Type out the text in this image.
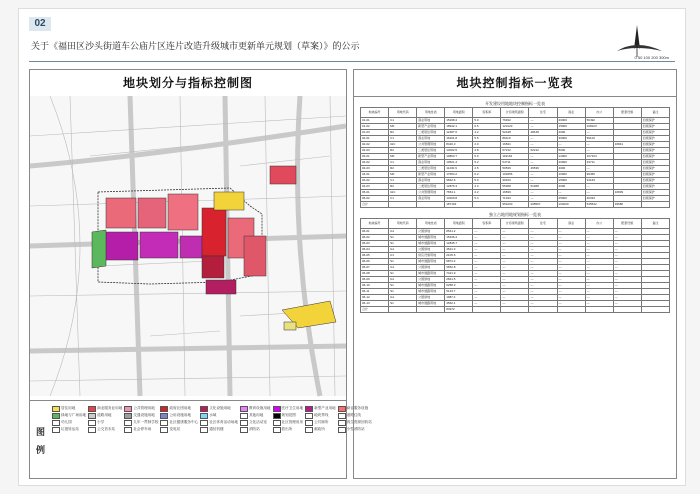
02
关于《福田区沙头街道车公庙片区连片改造升级城市更新单元规划（草案）》的公示
0 50 100 200 300m
地块划分与指标控制图
图例
居住用地	商业服务业用地	公共管理用地	政府社团用地	文化设施用地	教育设施用地	医疗卫生用地	新型产业用地	商业服务设施
绿地与广场用地	道路用地	交通设施用地	公用设施用地	水域	其他用地	规划范围	地块界线	道路红线
幼儿园	小学	九年一贯制学校	社区健康服务中心	社区体育活动场地	文化活动室	社区管理用房	公共厕所	再生资源回收站
垃圾转运站	公交首末站	社会停车场	变电站	通信机楼	消防站	派出所	邮政所	小型消防站
地块控制指标一览表
开发建设用地地块控制指标一览表
地块编号	用地代码	用地性质	用地面积	容积率	计容建筑面积	住宅	商业	办公	配套设施	备注
01-01	C1	商业用地	15298.4	5.0	76492	—	20000	56492		四级保护
01-02	M0	新型产业用地	18942.1	6.5	123123	—	15000	108123		四级保护
01-03	R2	二类居住用地	12487.6	4.2	52448	48448	4000	—		四级保护
02-01	C1	商业用地	16201.8	5.5	89110	—	30000	59110		四级保护
02-02	GIC	公共管理用地	8420.3	2.0	16841	—	—	—	16841	四级保护
02-03	R2	二类居住用地	14002.5	4.8	67212	62212	5000	—		四级保护
03-01	M0	新型产业用地	19860.7	6.0	119164	—	12000	107164		四级保护
03-02	C1	商业用地	10521.4	5.2	54711	—	20000	34711		四级保护
03-03	R2	二类居住用地	11230.9	4.5	50539	46539	4000	—		四级保护
04-01	M0	新型产业用地	17654.2	6.2	109456	—	10000	99456		四级保护
04-02	C1	商业用地	9832.6	5.0	49163	—	15000	34163		四级保护
04-03	R2	二类居住用地	12876.3	4.3	55368	51368	4000	—		四级保护
05-01	GIC	公共管理用地	7654.1	2.2	16839	—	—	—	16839	四级保护
05-02	C1	商业用地	13209.8	5.4	71333	—	25000	46333		四级保护
合计			187193		951000	208567	164000	545542	33680	
独立占地用地规划指标一览表
地块编号	用地代码	用地性质	用地面积	容积率	计容建筑面积	住宅	商业	办公	配套设施	备注
06-01	G1	公园绿地	8541.2	—	—	—	—	—	—	
06-02	S1	城市道路用地	15236.4	—	—	—	—	—	—	
06-03	S1	城市道路用地	12845.7	—	—	—	—	—	—	
06-04	G1	公园绿地	4521.3	—	—	—	—	—	—	
06-05	U1	供应设施用地	2105.6	—	—	—	—	—	—	
06-06	S1	城市道路用地	9874.2	—	—	—	—	—	—	
06-07	G1	公园绿地	3652.8	—	—	—	—	—	—	
06-08	S1	城市道路用地	7421.9	—	—	—	—	—	—	
06-09	G1	公园绿地	2841.5	—	—	—	—	—	—	
06-10	S1	城市道路用地	6258.3	—	—	—	—	—	—	
06-11	S1	城市道路用地	5123.7	—	—	—	—	—	—	
06-12	G1	公园绿地	1987.4	—	—	—	—	—	—	
06-13	S1	城市道路用地	4562.1	—	—	—	—	—	—	
合计			84972							
